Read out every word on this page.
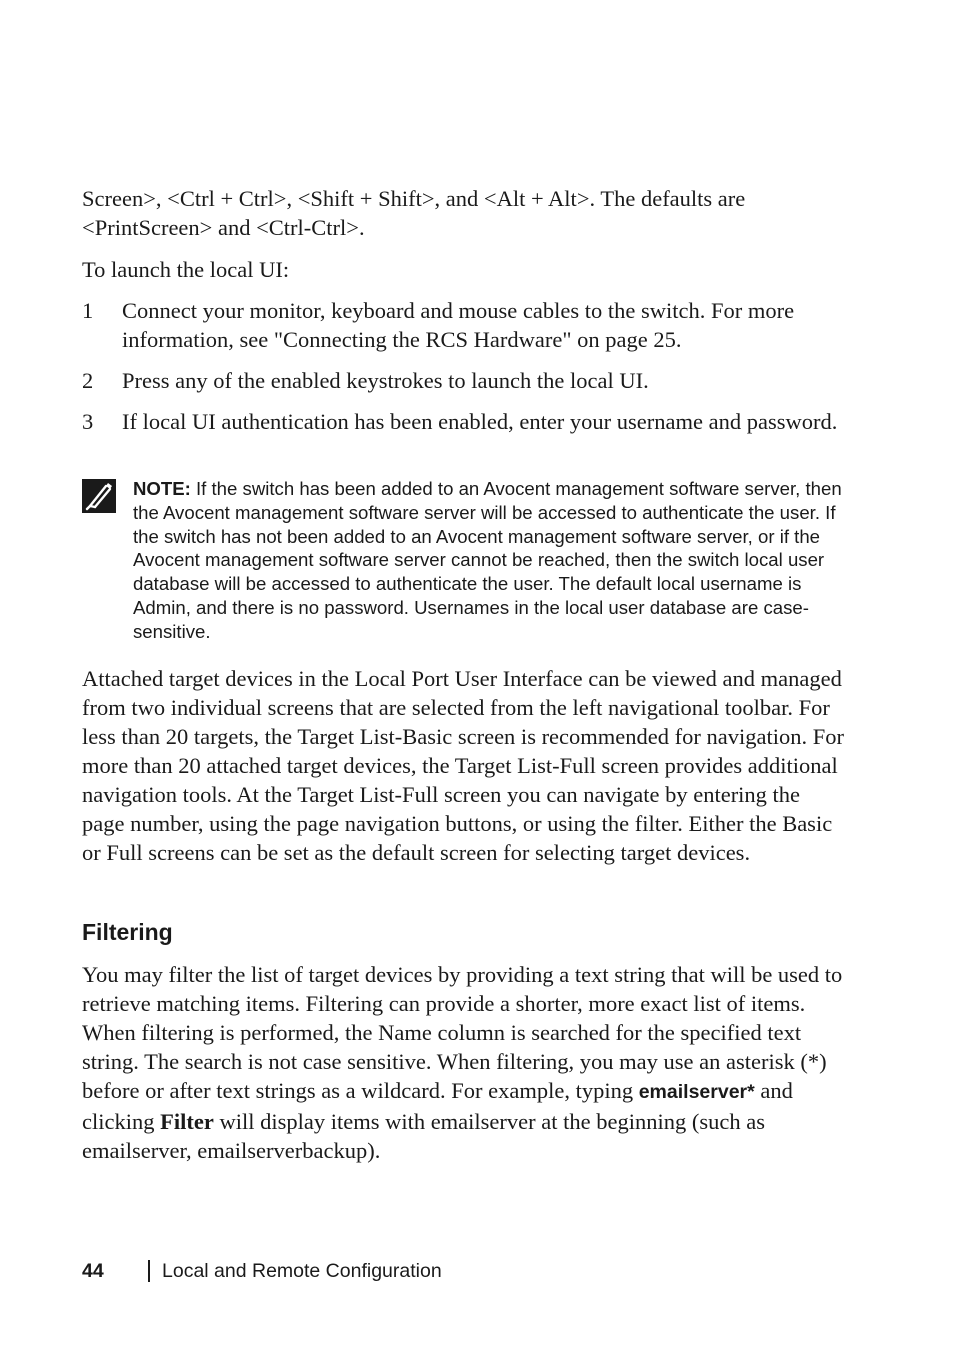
Screen>, <Ctrl + Ctrl>, <Shift + Shift>, and <Alt + Alt>. The defaults are <PrintScreen> and <Ctrl-Ctrl>.

To launch the local UI:

1 Connect your monitor, keyboard and mouse cables to the switch. For more information, see "Connecting the RCS Hardware" on page 25.
2 Press any of the enabled keystrokes to launch the local UI.
3 If local UI authentication has been enabled, enter your username and password.
NOTE: If the switch has been added to an Avocent management software server, then the Avocent management software server will be accessed to authenticate the user. If the switch has not been added to an Avocent management software server, or if the Avocent management software server cannot be reached, then the switch local user database will be accessed to authenticate the user. The default local username is Admin, and there is no password. Usernames in the local user database are case-sensitive.

Attached target devices in the Local Port User Interface can be viewed and managed from two individual screens that are selected from the left navigational toolbar. For less than 20 targets, the Target List-Basic screen is recommended for navigation. For more than 20 attached target devices, the Target List-Full screen provides additional navigation tools. At the Target List-Full screen you can navigate by entering the page number, using the page navigation buttons, or using the filter. Either the Basic or Full screens can be set as the default screen for selecting target devices.

Filtering

You may filter the list of target devices by providing a text string that will be used to retrieve matching items. Filtering can provide a shorter, more exact list of items. When filtering is performed, the Name column is searched for the specified text string. The search is not case sensitive. When filtering, you may use an asterisk (*) before or after text strings as a wildcard. For example, typing emailserver* and clicking Filter will display items with emailserver at the beginning (such as emailserver, emailserverbackup).

44	Local and Remote Configuration
